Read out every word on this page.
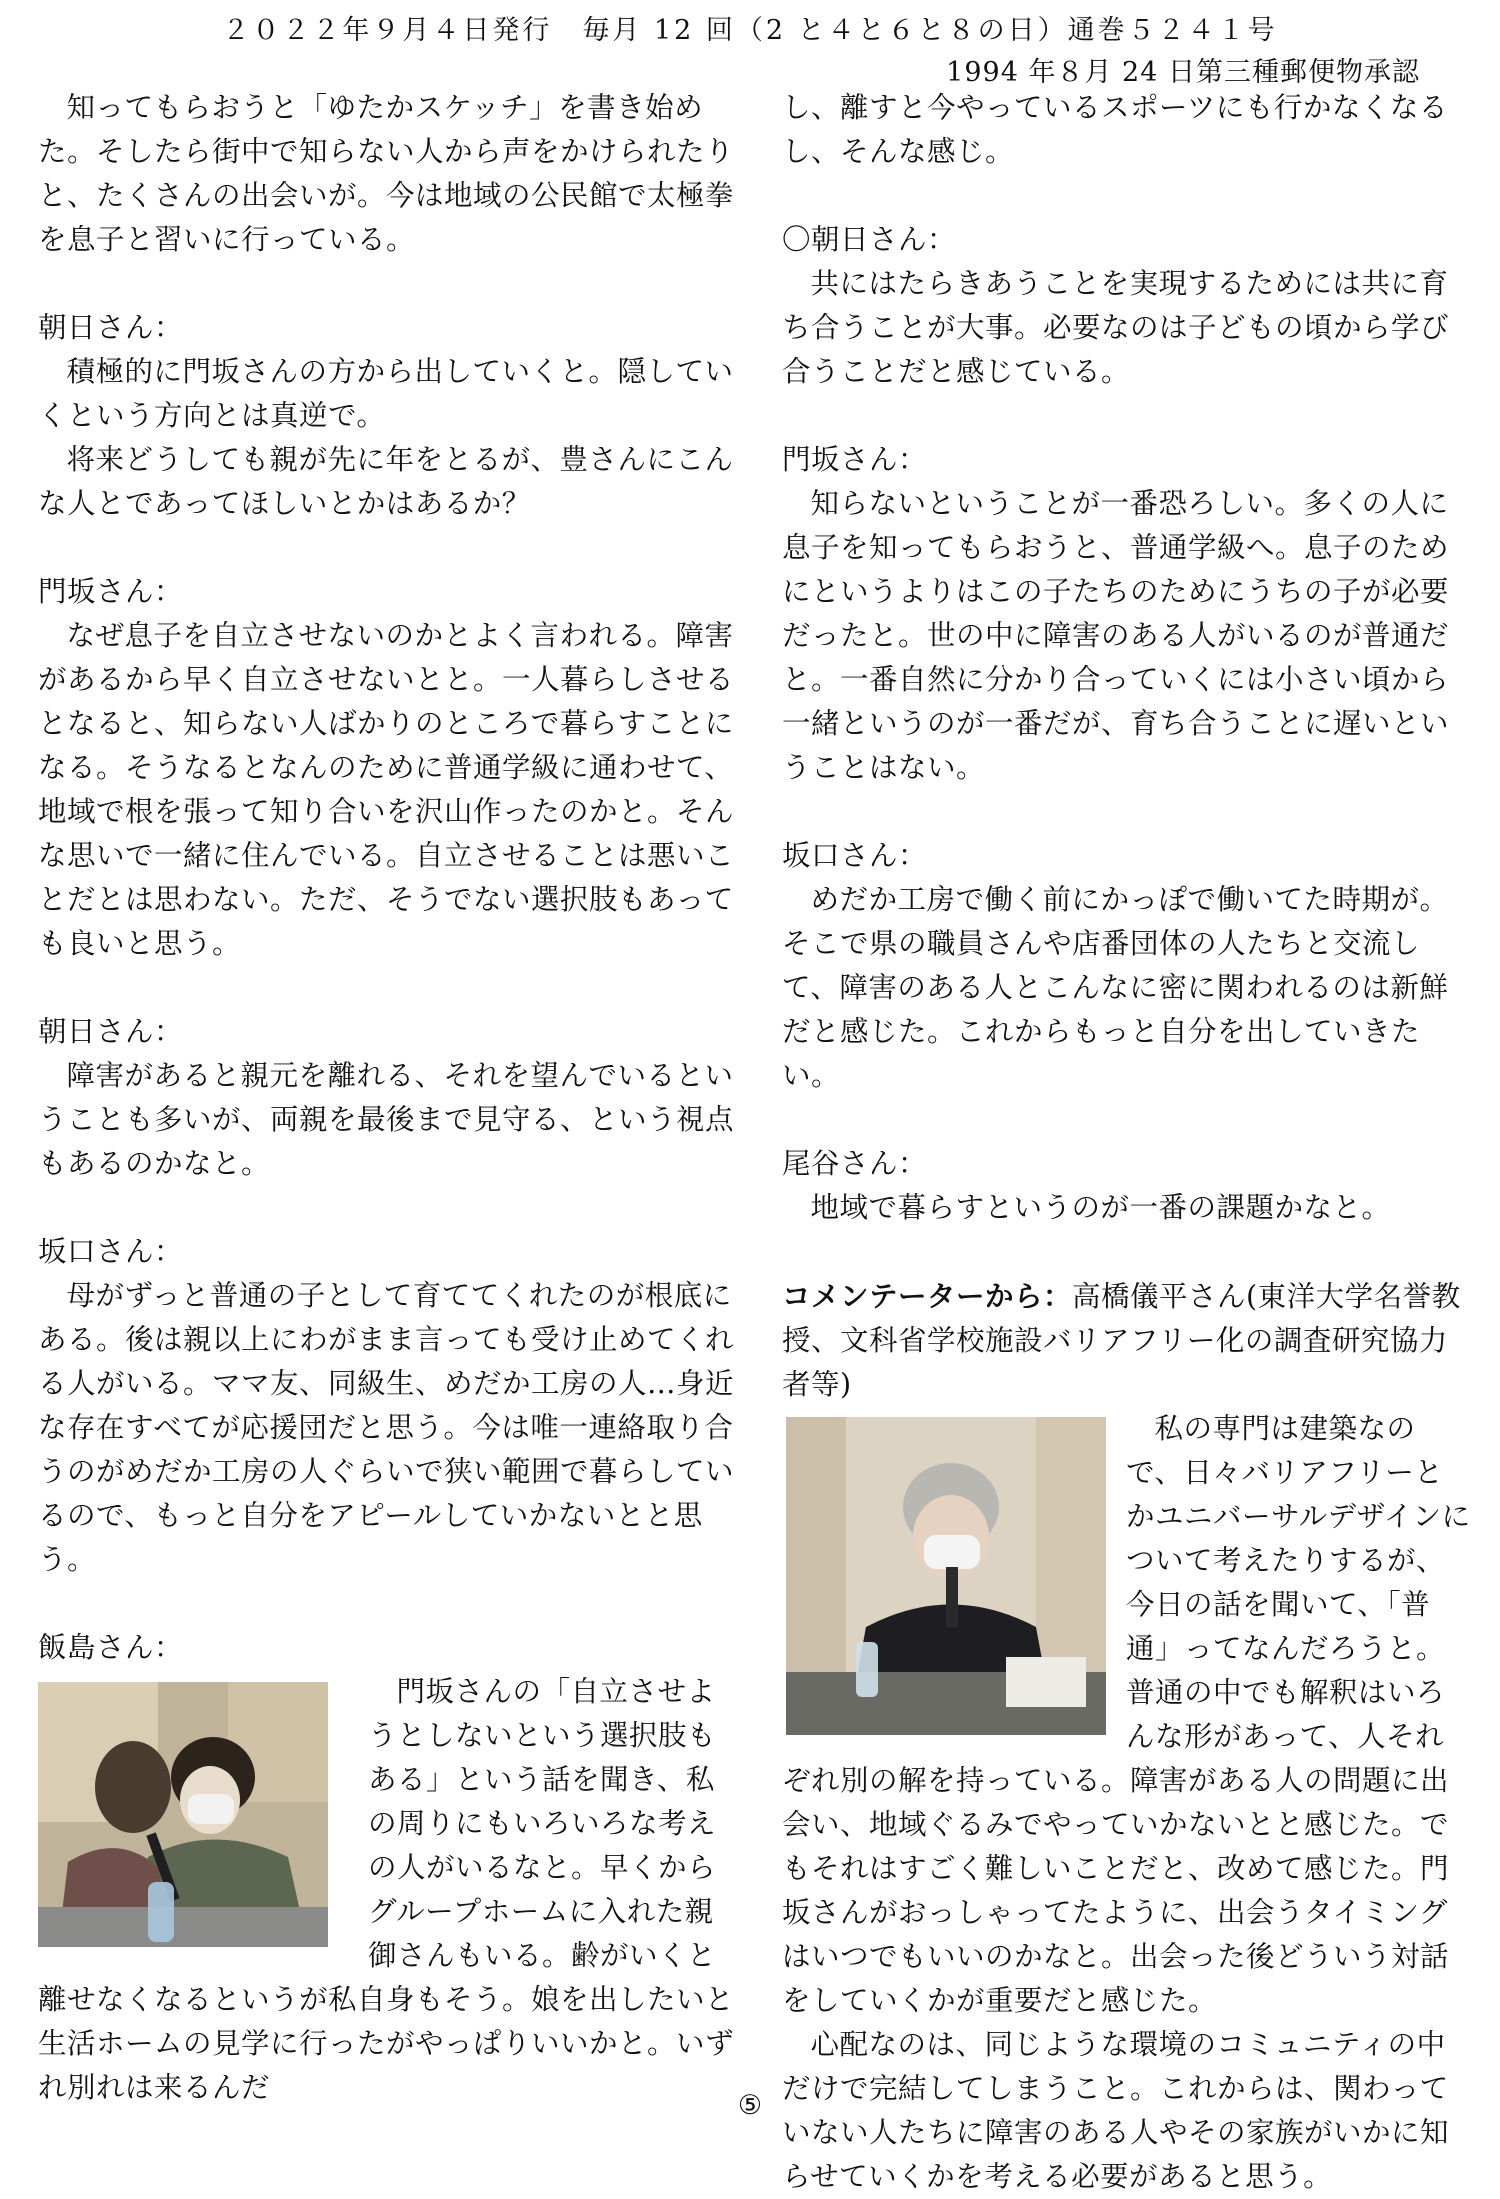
２０２２年９月４日発行　毎月 12 回（2 と４と６と８の日）通巻５２４１号
1994 年８月 24 日第三種郵便物承認

知ってもらおうと「ゆたかスケッチ」を書き始めた。そしたら街中で知らない人から声をかけられたりと、たくさんの出会いが。今は地域の公民館で太極拳を息子と習いに行っている。

朝日さん：

積極的に門坂さんの方から出していくと。隠していくという方向とは真逆で。

将来どうしても親が先に年をとるが、豊さんにこんな人とであってほしいとかはあるか？

門坂さん：

なぜ息子を自立させないのかとよく言われる。障害があるから早く自立させないとと。一人暮らしさせるとなると、知らない人ばかりのところで暮らすことになる。そうなるとなんのために普通学級に通わせて、地域で根を張って知り合いを沢山作ったのかと。そんな思いで一緒に住んでいる。自立させることは悪いことだとは思わない。ただ、そうでない選択肢もあっても良いと思う。

朝日さん：

障害があると親元を離れる、それを望んでいるということも多いが、両親を最後まで見守る、という視点もあるのかなと。

坂口さん：

母がずっと普通の子として育ててくれたのが根底にある。後は親以上にわがまま言っても受け止めてくれる人がいる。ママ友、同級生、めだか工房の人…身近な存在すべてが応援団だと思う。今は唯一連絡取り合うのがめだか工房の人ぐらいで狭い範囲で暮らしているので、もっと自分をアピールしていかないとと思う。

飯島さん：

門坂さんの「自立させようとしないという選択肢もある」という話を聞き、私の周りにもいろいろな考えの人がいるなと。早くからグループホームに入れた親御さんもいる。齢がいくと離せなくなるというが私自身もそう。娘を出したいと生活ホームの見学に行ったがやっぱりいいかと。いずれ別れは来るんだ

し、離すと今やっているスポーツにも行かなくなるし、そんな感じ。

〇朝日さん：

共にはたらきあうことを実現するためには共に育ち合うことが大事。必要なのは子どもの頃から学び合うことだと感じている。

門坂さん：

知らないということが一番恐ろしい。多くの人に息子を知ってもらおうと、普通学級へ。息子のためにというよりはこの子たちのためにうちの子が必要だったと。世の中に障害のある人がいるのが普通だと。一番自然に分かり合っていくには小さい頃から一緒というのが一番だが、育ち合うことに遅いということはない。

坂口さん：

めだか工房で働く前にかっぽで働いてた時期が。そこで県の職員さんや店番団体の人たちと交流して、障害のある人とこんなに密に関われるのは新鮮だと感じた。これからもっと自分を出していきたい。

尾谷さん：

地域で暮らすというのが一番の課題かなと。

コメンテーターから：高橋儀平さん(東洋大学名誉教授、文科省学校施設バリアフリー化の調査研究協力者等)

私の専門は建築なので、日々バリアフリーとかユニバーサルデザインについて考えたりするが、今日の話を聞いて、「普通」ってなんだろうと。普通の中でも解釈はいろんな形があって、人それぞれ別の解を持っている。障害がある人の問題に出会い、地域ぐるみでやっていかないとと感じた。でもそれはすごく難しいことだと、改めて感じた。門坂さんがおっしゃってたように、出会うタイミングはいつでもいいのかなと。出会った後どういう対話をしていくかが重要だと感じた。

心配なのは、同じような環境のコミュニティの中だけで完結してしまうこと。これからは、関わっていない人たちに障害のある人やその家族がいかに知らせていくかを考える必要があると思う。

⑤
